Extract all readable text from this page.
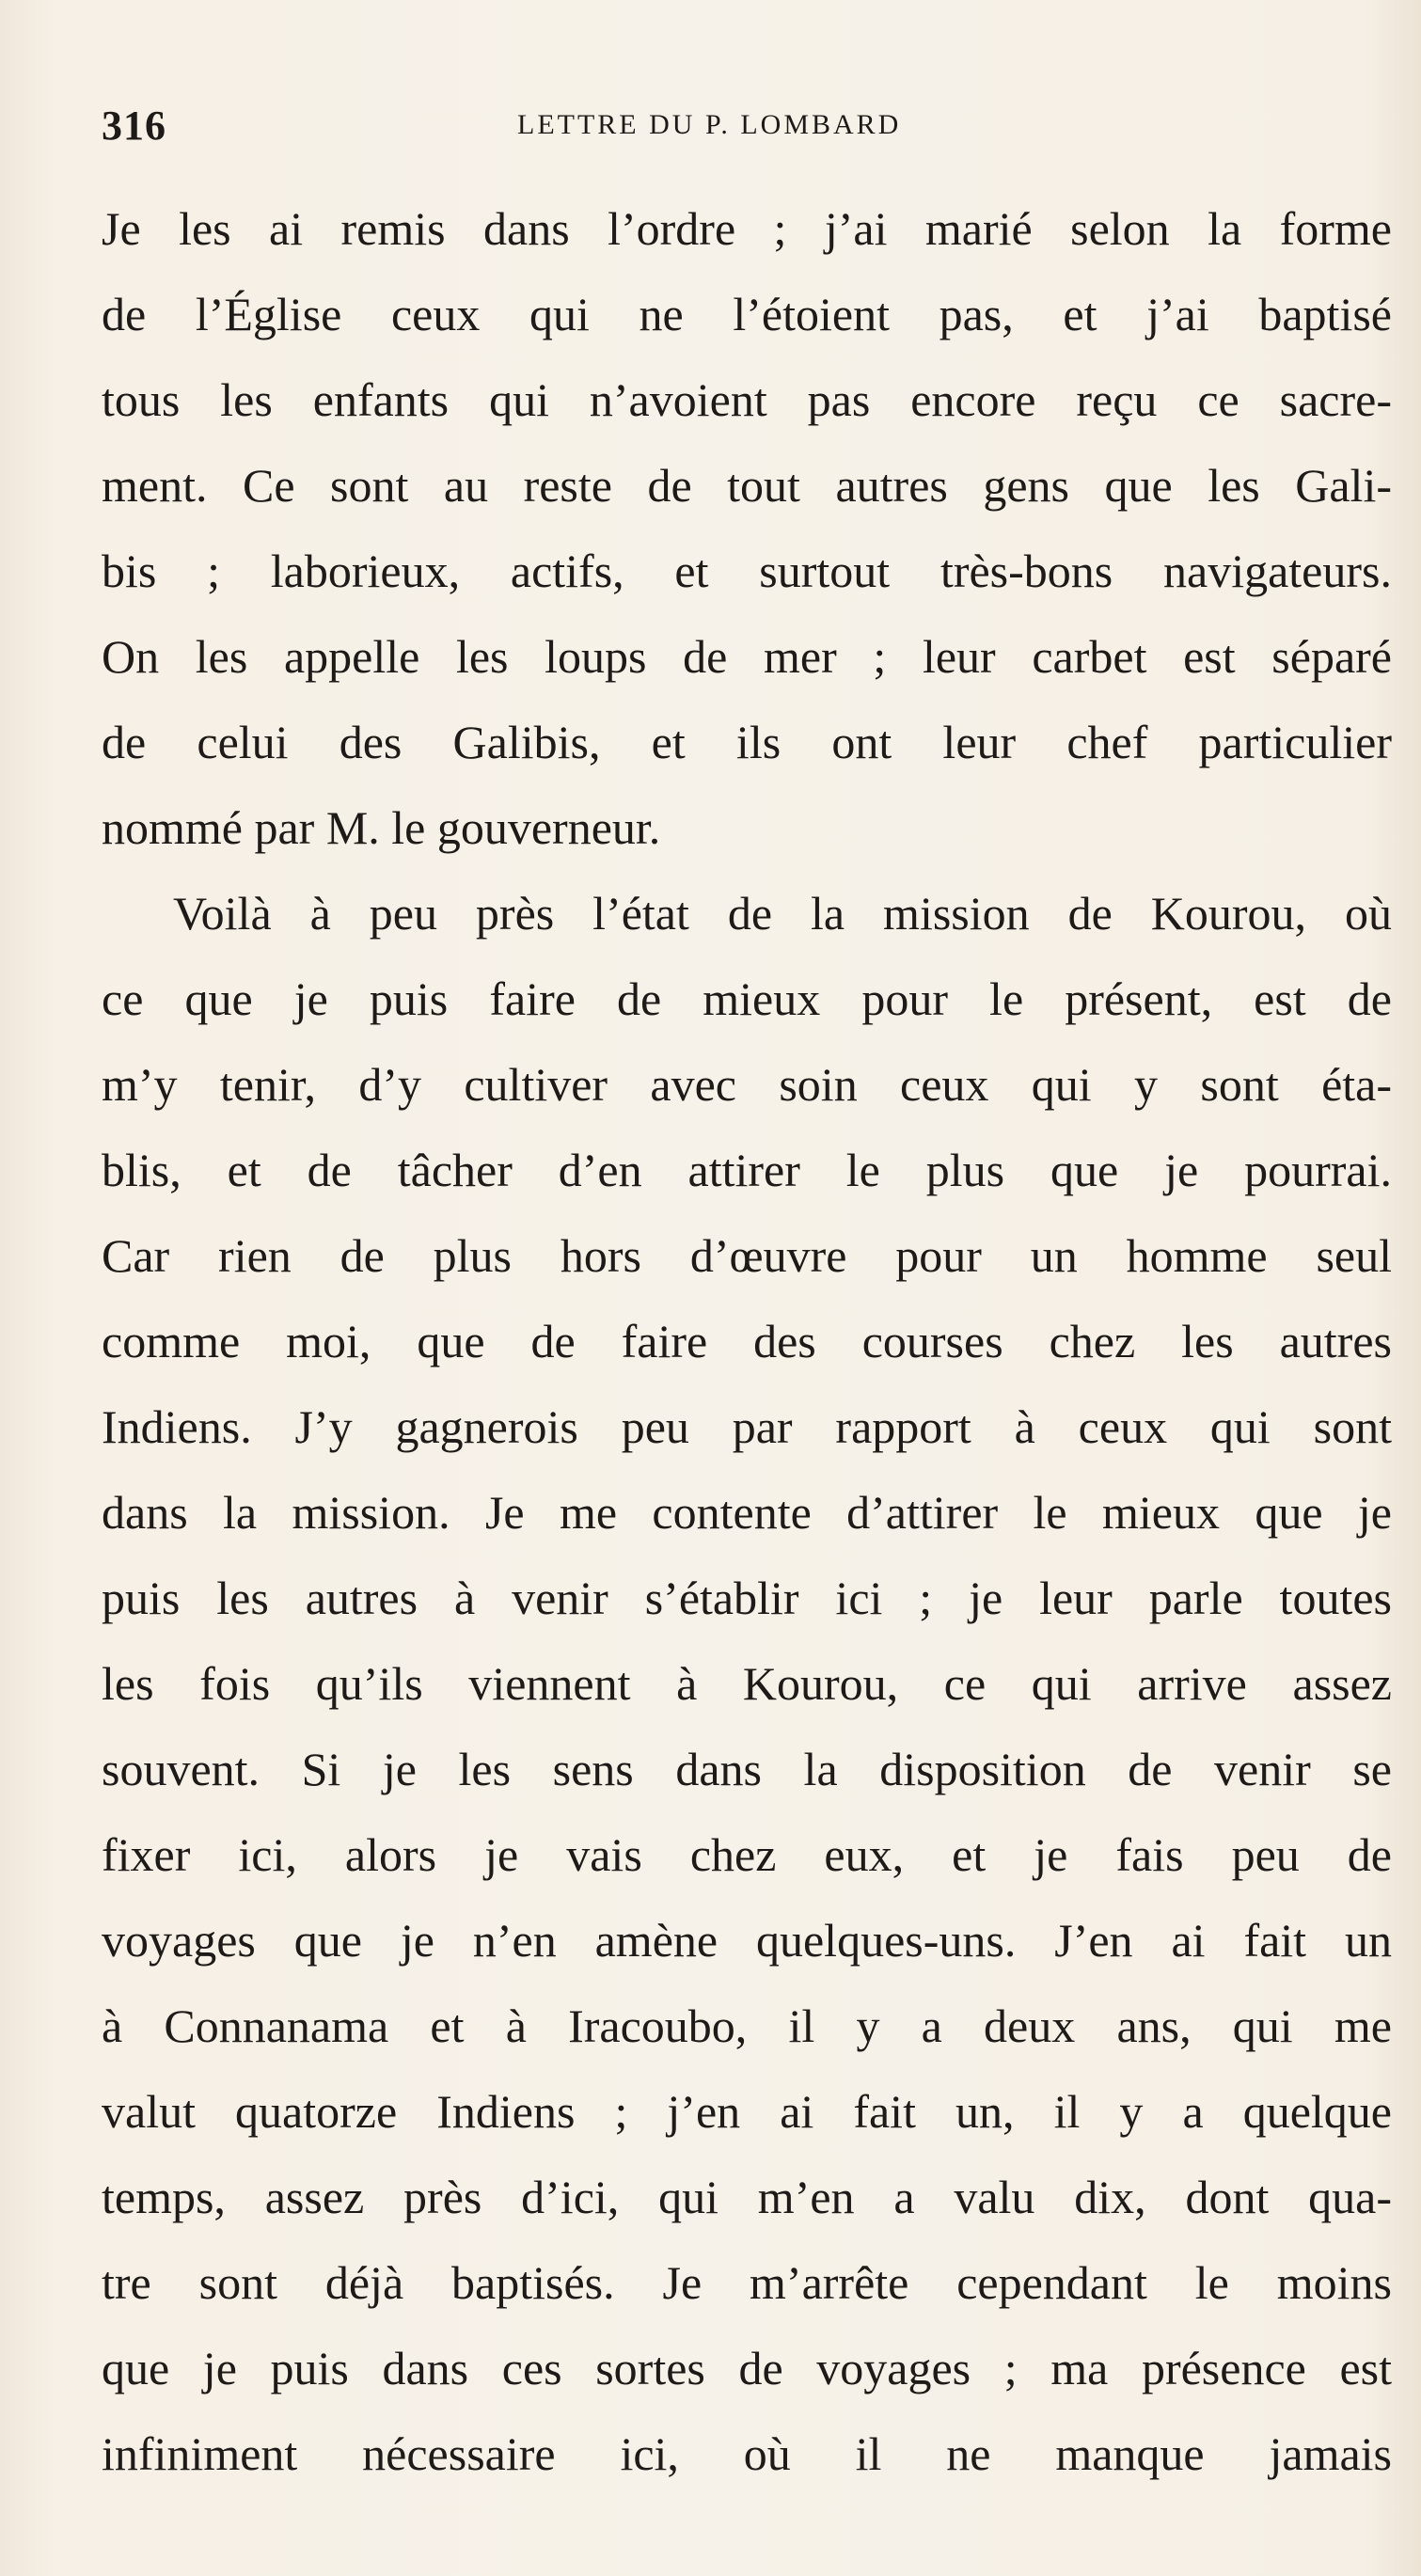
316	LETTRE DU P. LOMBARD
Je les ai remis dans l’ordre ; j’ai marié selon la forme
de l’Église ceux qui ne l’étoient pas, et j’ai baptisé
tous les enfants qui n’avoient pas encore reçu ce sacre-
ment. Ce sont au reste de tout autres gens que les Gali-
bis ; laborieux, actifs, et surtout très-bons navigateurs.
On les appelle les loups de mer ; leur carbet est séparé
de celui des Galibis, et ils ont leur chef particulier
nommé par M. le gouverneur.
Voilà à peu près l’état de la mission de Kourou, où
ce que je puis faire de mieux pour le présent, est de
m’y tenir, d’y cultiver avec soin ceux qui y sont éta-
blis, et de tâcher d’en attirer le plus que je pourrai.
Car rien de plus hors d’œuvre pour un homme seul
comme moi, que de faire des courses chez les autres
Indiens. J’y gagnerois peu par rapport à ceux qui sont
dans la mission. Je me contente d’attirer le mieux que je
puis les autres à venir s’établir ici ; je leur parle toutes
les fois qu’ils viennent à Kourou, ce qui arrive assez
souvent. Si je les sens dans la disposition de venir se
fixer ici, alors je vais chez eux, et je fais peu de
voyages que je n’en amène quelques-uns. J’en ai fait un
à Connanama et à Iracoubo, il y a deux ans, qui me
valut quatorze Indiens ; j’en ai fait un, il y a quelque
temps, assez près d’ici, qui m’en a valu dix, dont qua-
tre sont déjà baptisés. Je m’arrête cependant le moins
que je puis dans ces sortes de voyages ; ma présence est
infiniment nécessaire ici, où il ne manque jamais
